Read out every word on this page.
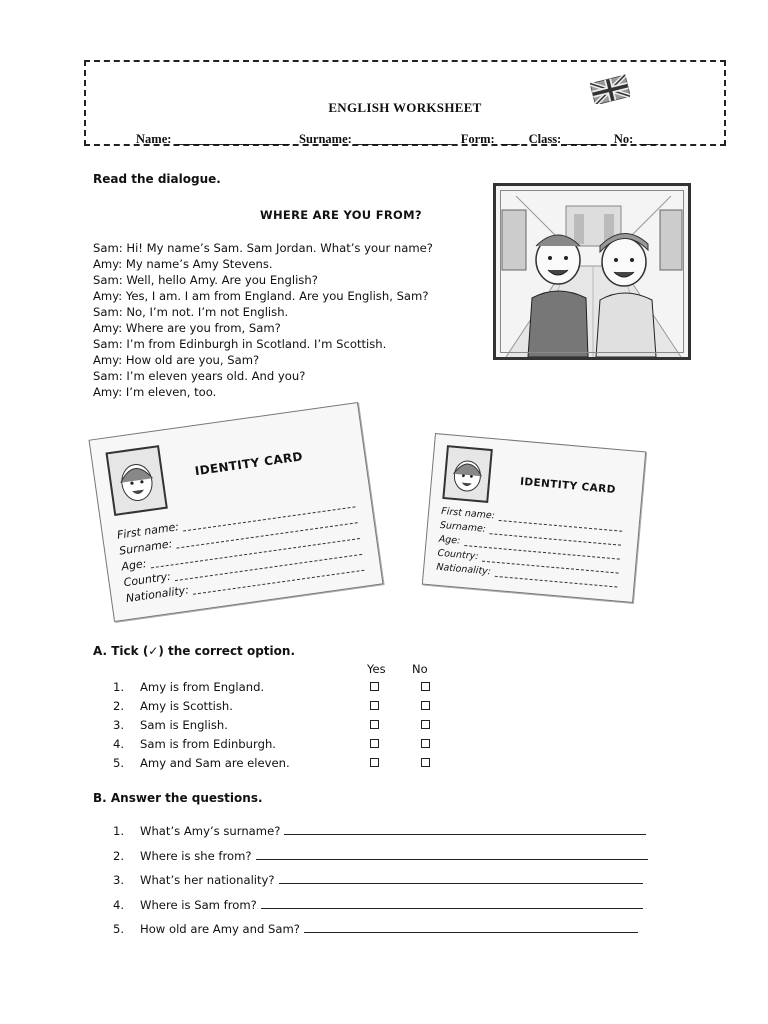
ENGLISH WORKSHEET
Name: __________________ Surname: _______________ Form: ___ Class: ______ No: ___
Read the dialogue.
WHERE ARE YOU FROM?
Sam: Hi! My name’s Sam. Sam Jordan. What’s your name?
Amy: My name’s Amy Stevens.
Sam: Well, hello Amy. Are you English?
Amy: Yes, I am. I am from England. Are you English, Sam?
Sam: No, I’m not. I’m not English.
Amy: Where are you from, Sam?
Sam: I’m from Edinburgh in Scotland. I’m Scottish.
Amy: How old are you, Sam?
Sam: I’m eleven years old. And you?
Amy: I’m eleven, too.
IDENTITY CARD
First name:
Surname:
Age:
Country:
Nationality:
IDENTITY CARD
First name:
Surname:
Age:
Country:
Nationality:
A. Tick (✓) the correct option.
Yes No
1. Amy is from England.
2. Amy is Scottish.
3. Sam is English.
4. Sam is from Edinburgh.
5. Amy and Sam are eleven.
B. Answer the questions.
1.	What’s Amy’s surname?
2.	Where is she from?
3.	What’s her nationality?
4.	Where is Sam from?
5.	How old are Amy and Sam?
